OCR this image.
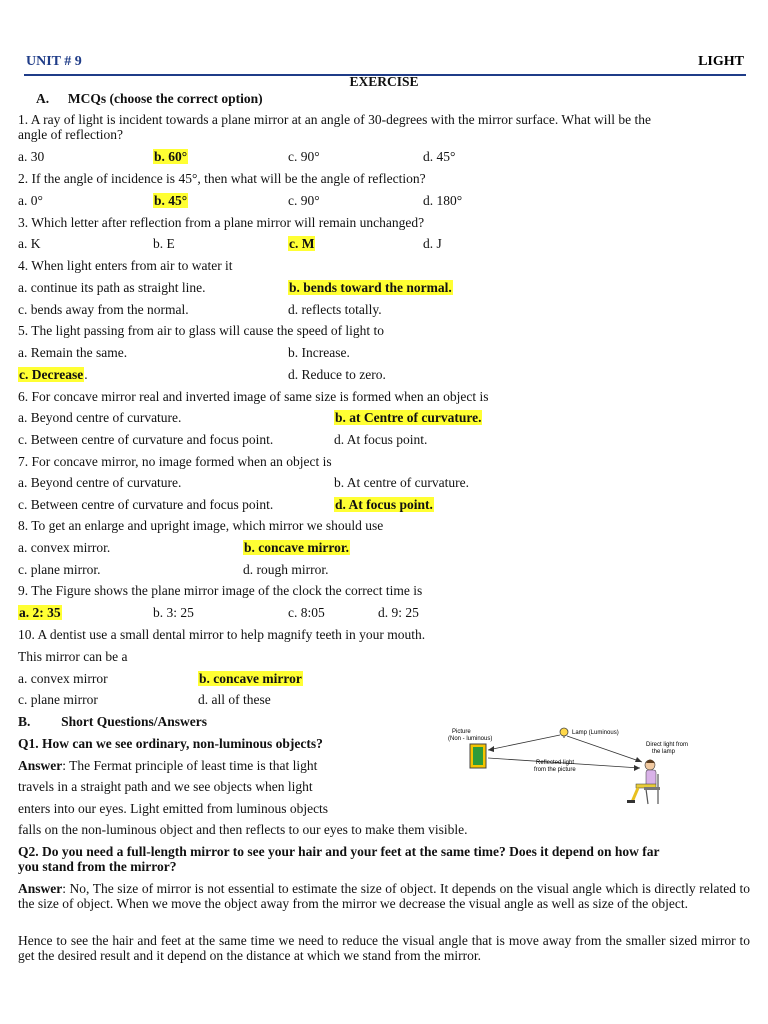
UNIT # 9	LIGHT
EXERCISE
A. MCQs (choose the correct option)
1. A ray of light is incident towards a plane mirror at an angle of 30-degrees with the mirror surface. What will be the
angle of reflection?
a. 30	b. 60°	c. 90°	d. 45°
2. If the angle of incidence is 45°, then what will be the angle of reflection?
a. 0°	b. 45°	c. 90°	d. 180°
3. Which letter after reflection from a plane mirror will remain unchanged?
a. K	b. E	c. M	d. J
4. When light enters from air to water it
a. continue its path as straight line.	b. bends toward the normal.
c. bends away from the normal.	d. reflects totally.
5. The light passing from air to glass will cause the speed of light to
a. Remain the same.	b. Increase.
c. Decrease.	d. Reduce to zero.
6. For concave mirror real and inverted image of same size is formed when an object is
a. Beyond centre of curvature.	b. at Centre of curvature.
c. Between centre of curvature and focus point.	d. At focus point.
7. For concave mirror, no image formed when an object is
a. Beyond centre of curvature.	b. At centre of curvature.
c. Between centre of curvature and focus point.	d. At focus point.
8. To get an enlarge and upright image, which mirror we should use
a. convex mirror.	b. concave mirror.
c. plane mirror.	d. rough mirror.
9. The Figure shows the plane mirror image of the clock the correct time is
a. 2: 35	b. 3: 25	c. 8:05	d. 9: 25
10. A dentist use a small dental mirror to help magnify teeth in your mouth.
This mirror can be a
a. convex mirror	b. concave mirror
c. plane mirror	d. all of these
B. Short Questions/Answers
Q1. How can we see ordinary, non-luminous objects?
Answer: The Fermat principle of least time is that light
travels in a straight path and we see objects when light
enters into our eyes. Light emitted from luminous objects
falls on the non-luminous object and then reflects to our eyes to make them visible.
Picture
(Non - luminous)
Lamp (Luminous)
Direct light from
the lamp
Reflected light
from the picture
Q2. Do you need a full-length mirror to see your hair and your feet at the same time? Does it depend on how far
you stand from the mirror?
Answer: No, The size of mirror is not essential to estimate the size of object. It depends on the visual angle which is directly related to the size of object. When we move the object away from the mirror we decrease the visual angle as well as size of the object.
Hence to see the hair and feet at the same time we need to reduce the visual angle that is move away from the smaller sized mirror to get the desired result and it depend on the distance at which we stand from the mirror.
